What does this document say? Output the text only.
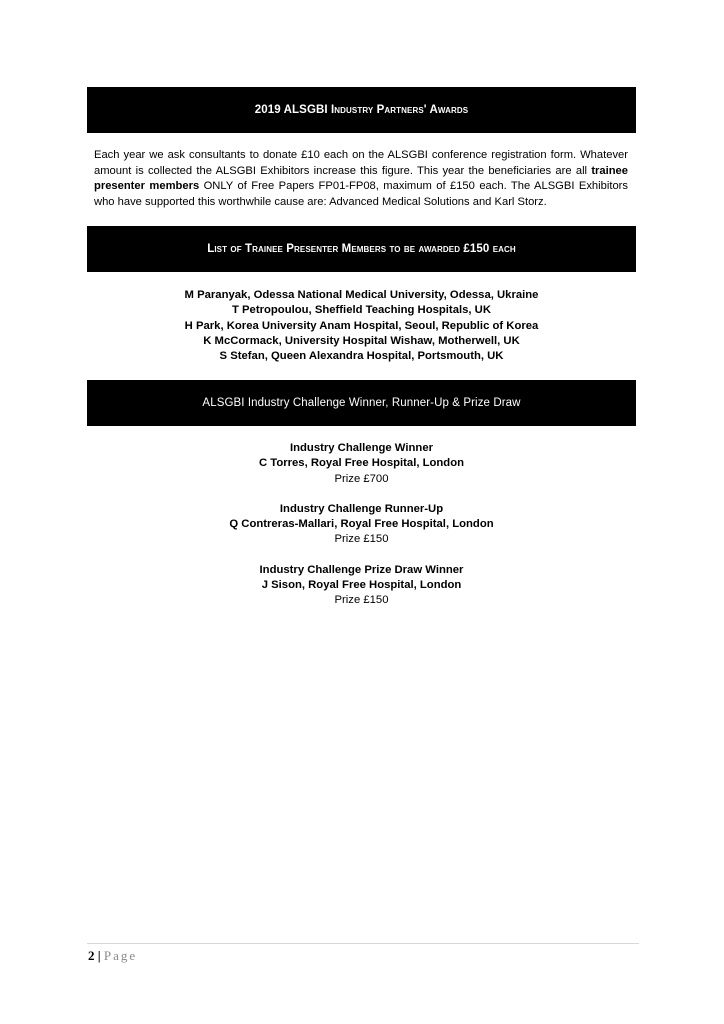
2019 ALSGBI Industry Partners' Awards

Each year we ask consultants to donate £10 each on the ALSGBI conference registration form. Whatever amount is collected the ALSGBI Exhibitors increase this figure. This year the beneficiaries are all trainee presenter members ONLY of Free Papers FP01-FP08, maximum of £150 each. The ALSGBI Exhibitors who have supported this worthwhile cause are: Advanced Medical Solutions and Karl Storz.

List of Trainee Presenter Members to be awarded £150 each
M Paranyak, Odessa National Medical University, Odessa, Ukraine
T Petropoulou, Sheffield Teaching Hospitals, UK
H Park, Korea University Anam Hospital, Seoul, Republic of Korea
K McCormack, University Hospital Wishaw, Motherwell, UK
S Stefan, Queen Alexandra Hospital, Portsmouth, UK
ALSGBI Industry Challenge Winner, Runner-Up & Prize Draw
Industry Challenge Winner
C Torres, Royal Free Hospital, London
Prize £700
Industry Challenge Runner-Up
Q Contreras-Mallari, Royal Free Hospital, London
Prize £150
Industry Challenge Prize Draw Winner
J Sison, Royal Free Hospital, London
Prize £150
2 | Page
